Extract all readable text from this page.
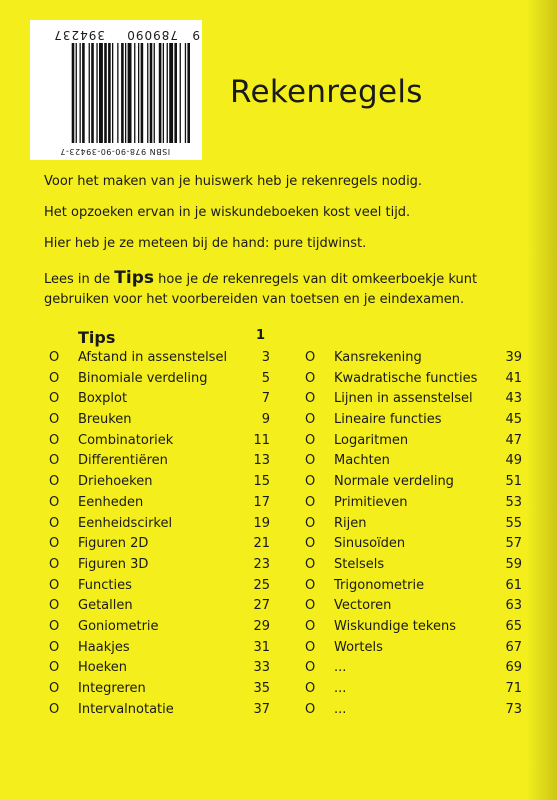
ISBN 978-90-90-39423-7
9
789090
394237
Rekenregels
Voor het maken van je huiswerk heb je rekenregels nodig.
Het opzoeken ervan in je wiskundeboeken kost veel tijd.
Hier heb je ze meteen bij de hand: pure tijdwinst.
Lees in de Tips hoe je de rekenregels van dit omkeerboekje kunt gebruiken voor het voorbereiden van toetsen en je eindexamen.
Tips	1
O Afstand in assenstelsel	3
O Binomiale verdeling	5
O Boxplot	7
O Breuken	9
O Combinatoriek	11
O Differentiëren	13
O Driehoeken	15
O Eenheden	17
O Eenheidscirkel	19
O Figuren 2D	21
O Figuren 3D	23
O Functies	25
O Getallen	27
O Goniometrie	29
O Haakjes	31
O Hoeken	33
O Integreren	35
O Intervalnotatie	37
O Kansrekening	39
O Kwadratische functies 41
O Lijnen in assenstelsel	43
O Lineaire functies	45
O Logaritmen	47
O Machten	49
O Normale verdeling	51
O Primitieven	53
O Rijen	55
O Sinusoïden	57
O Stelsels	59
O Trigonometrie	61
O Vectoren	63
O Wiskundige tekens	65
O Wortels	67
O ...	69
O ...	71
O ...	73
